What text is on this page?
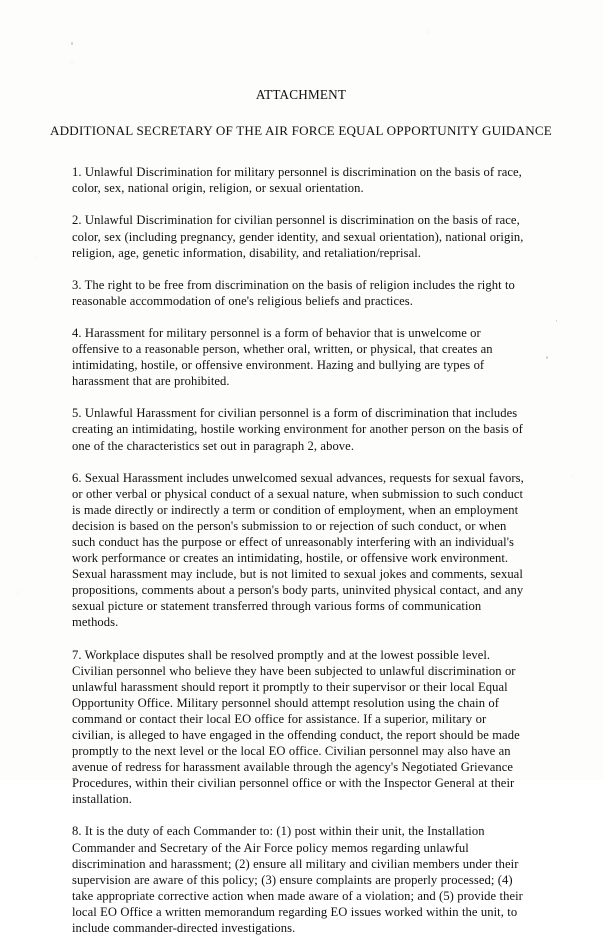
ATTACHMENT
ADDITIONAL SECRETARY OF THE AIR FORCE EQUAL OPPORTUNITY GUIDANCE

1. Unlawful Discrimination for military personnel is discrimination on the basis of race, color, sex, national origin, religion, or sexual orientation.

2. Unlawful Discrimination for civilian personnel is discrimination on the basis of race, color, sex (including pregnancy, gender identity, and sexual orientation), national origin, religion, age, genetic information, disability, and retaliation/reprisal.

3. The right to be free from discrimination on the basis of religion includes the right to reasonable accommodation of one's religious beliefs and practices.

4. Harassment for military personnel is a form of behavior that is unwelcome or offensive to a reasonable person, whether oral, written, or physical, that creates an intimidating, hostile, or offensive environment. Hazing and bullying are types of harassment that are prohibited.

5. Unlawful Harassment for civilian personnel is a form of discrimination that includes creating an intimidating, hostile working environment for another person on the basis of one of the characteristics set out in paragraph 2, above.

6. Sexual Harassment includes unwelcomed sexual advances, requests for sexual favors, or other verbal or physical conduct of a sexual nature, when submission to such conduct is made directly or indirectly a term or condition of employment, when an employment decision is based on the person's submission to or rejection of such conduct, or when such conduct has the purpose or effect of unreasonably interfering with an individual's work performance or creates an intimidating, hostile, or offensive work environment. Sexual harassment may include, but is not limited to sexual jokes and comments, sexual propositions, comments about a person's body parts, uninvited physical contact, and any sexual picture or statement transferred through various forms of communication methods.

7. Workplace disputes shall be resolved promptly and at the lowest possible level. Civilian personnel who believe they have been subjected to unlawful discrimination or unlawful harassment should report it promptly to their supervisor or their local Equal Opportunity Office. Military personnel should attempt resolution using the chain of command or contact their local EO office for assistance. If a superior, military or civilian, is alleged to have engaged in the offending conduct, the report should be made promptly to the next level or the local EO office. Civilian personnel may also have an avenue of redress for harassment available through the agency's Negotiated Grievance Procedures, within their civilian personnel office or with the Inspector General at their installation.

8. It is the duty of each Commander to: (1) post within their unit, the Installation Commander and Secretary of the Air Force policy memos regarding unlawful discrimination and harassment; (2) ensure all military and civilian members under their supervision are aware of this policy; (3) ensure complaints are properly processed; (4) take appropriate corrective action when made aware of a violation; and (5) provide their local EO Office a written memorandum regarding EO issues worked within the unit, to include commander-directed investigations.
